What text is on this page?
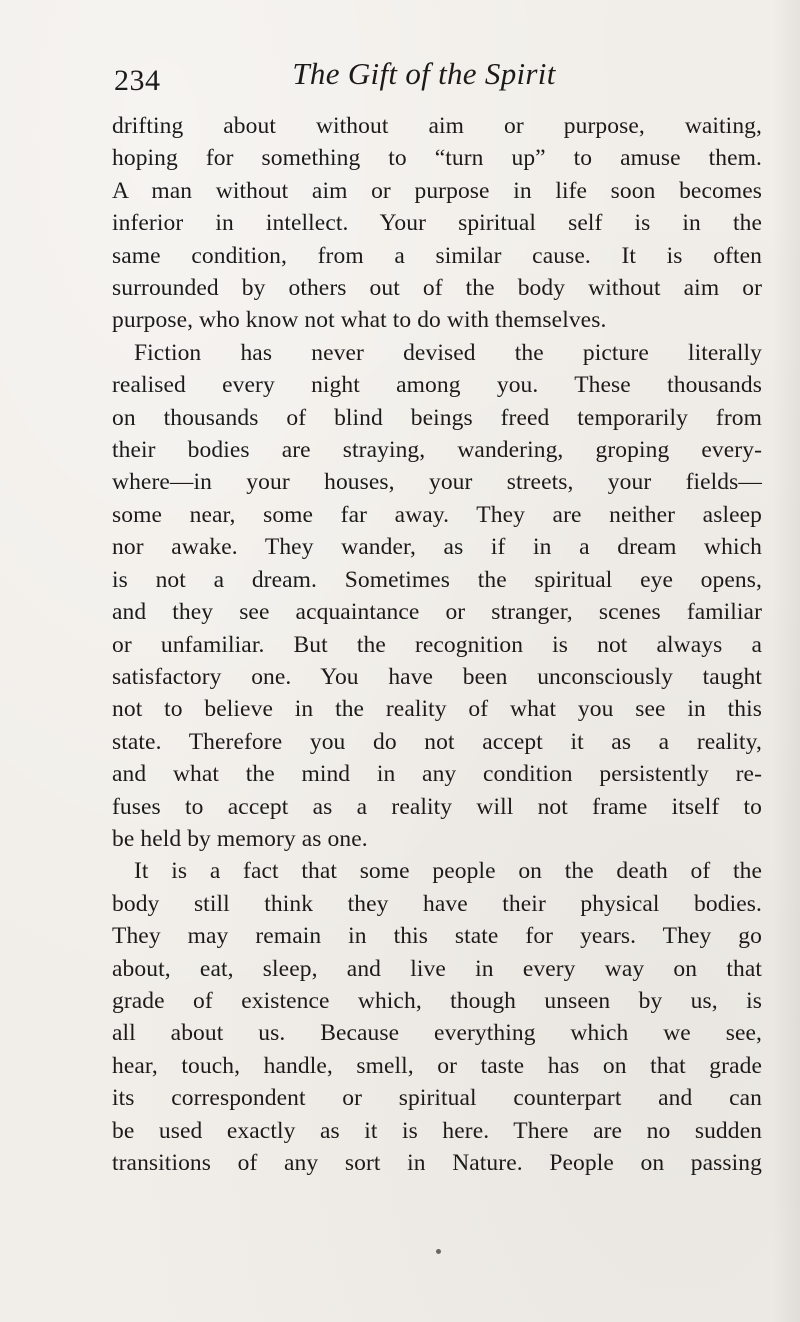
234	The Gift of the Spirit
drifting about without aim or purpose, waiting,
hoping for something to “turn up” to amuse them.
A man without aim or purpose in life soon becomes
inferior in intellect. Your spiritual self is in the
same condition, from a similar cause. It is often
surrounded by others out of the body without aim or
purpose, who know not what to do with themselves.
Fiction has never devised the picture literally
realised every night among you. These thousands
on thousands of blind beings freed temporarily from
their bodies are straying, wandering, groping every-
where—in your houses, your streets, your fields—
some near, some far away. They are neither asleep
nor awake. They wander, as if in a dream which
is not a dream. Sometimes the spiritual eye opens,
and they see acquaintance or stranger, scenes familiar
or unfamiliar. But the recognition is not always a
satisfactory one. You have been unconsciously taught
not to believe in the reality of what you see in this
state. Therefore you do not accept it as a reality,
and what the mind in any condition persistently re-
fuses to accept as a reality will not frame itself to
be held by memory as one.
It is a fact that some people on the death of the
body still think they have their physical bodies.
They may remain in this state for years. They go
about, eat, sleep, and live in every way on that
grade of existence which, though unseen by us, is
all about us. Because everything which we see,
hear, touch, handle, smell, or taste has on that grade
its correspondent or spiritual counterpart and can
be used exactly as it is here. There are no sudden
transitions of any sort in Nature. People on passing
